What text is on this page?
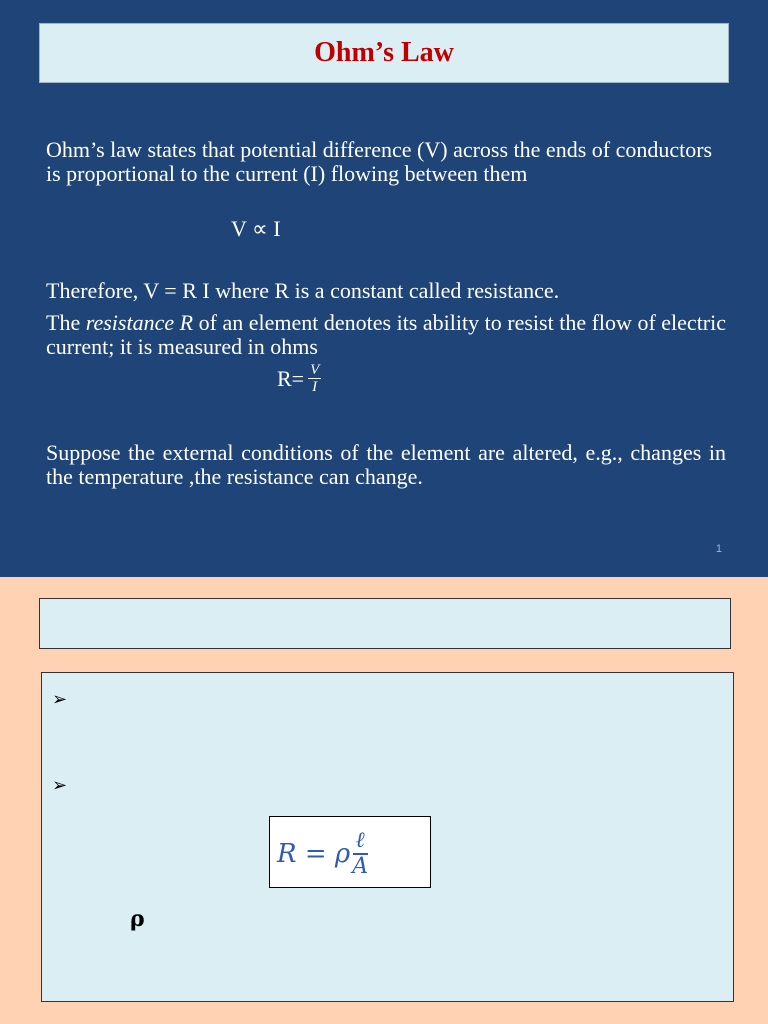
Ohm’s Law
Ohm’s law states that potential difference (V) across the ends of conductors is proportional to the current (I) flowing between them
V ∝ I
Therefore, V = R I where R is a constant called resistance.
The resistance R of an element denotes its ability to resist the flow of electric current; it is measured in ohms
$R= \frac{V}{I}$
Suppose the external conditions of the element are altered, e.g., changes in the temperature ,the resistance can change.
1
➢
➢
R = ρ ℓ
A
ρ
